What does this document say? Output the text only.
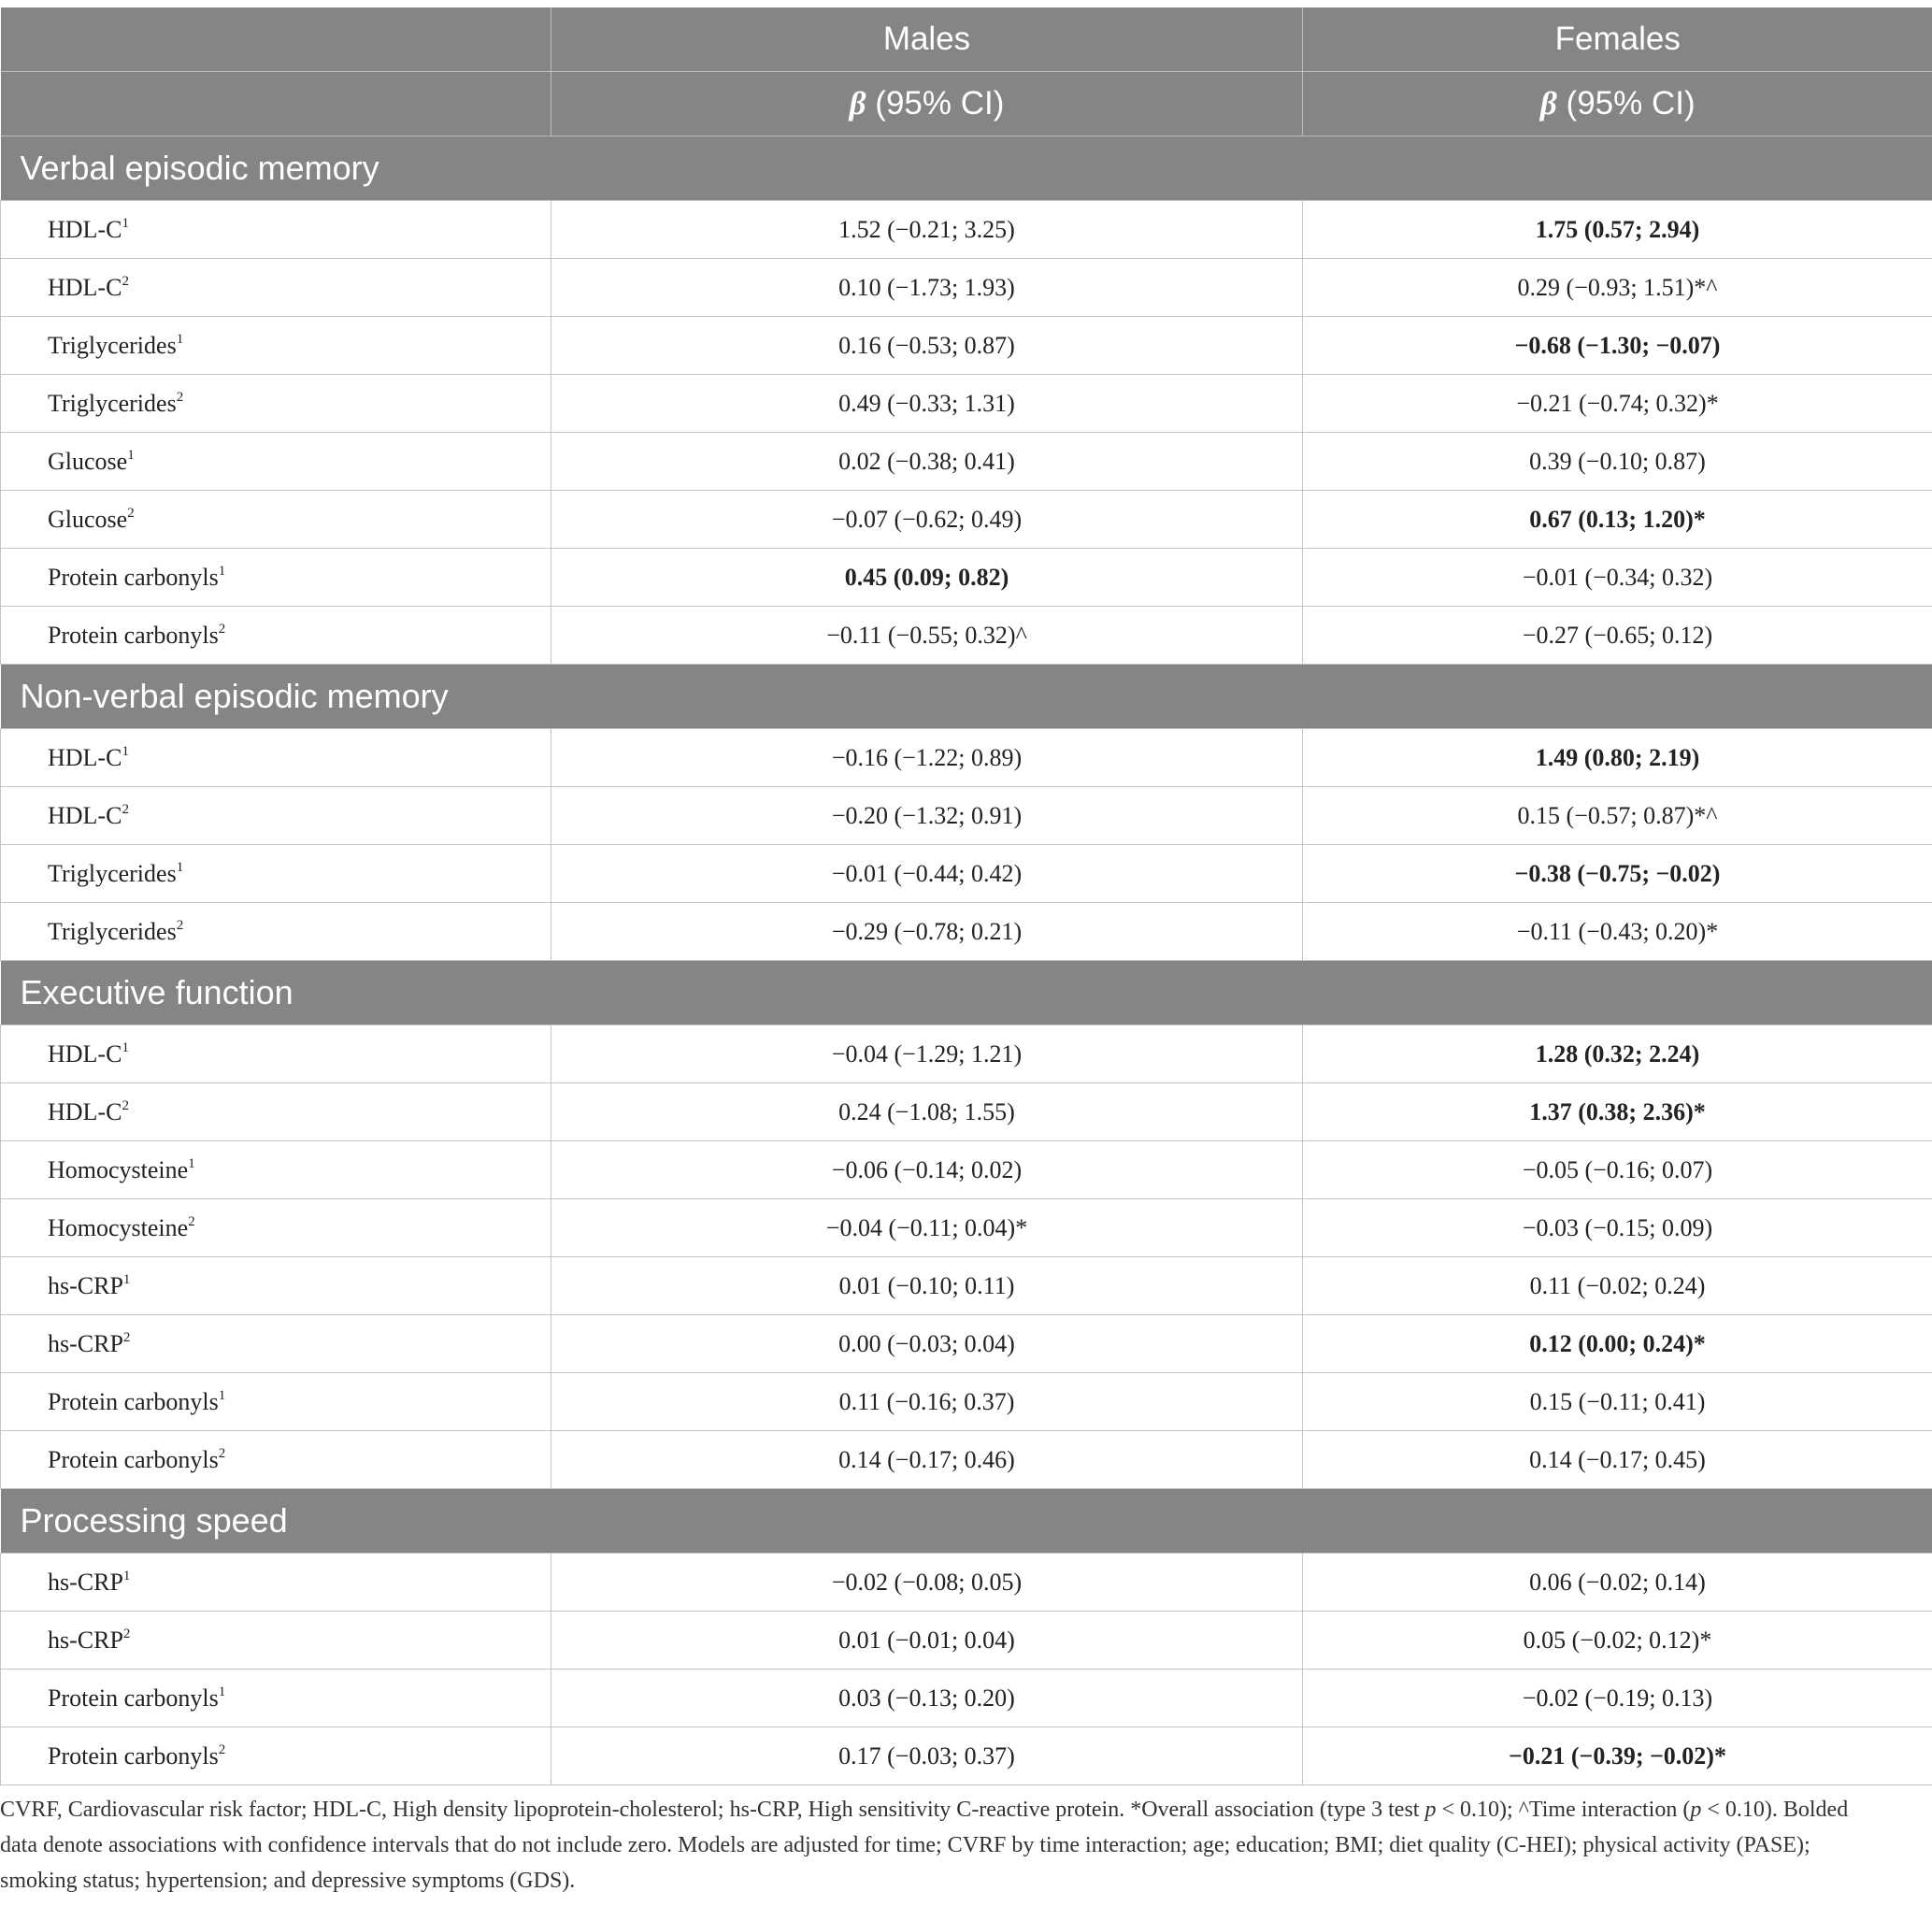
	Males	Females
	β (95% CI)	β (95% CI)
Verbal episodic memory		
HDL-$C^1$	1.52 (−0.21; 3.25)	1.75 (0.57; 2.94)
HDL-$C^2$	0.10 (−1.73; 1.93)	0.29 (−0.93; 1.51)*^
Triglycerides$^1$	0.16 (−0.53; 0.87)	−0.68 (−1.30; −0.07)
Triglycerides$^2$	0.49 (−0.33; 1.31)	−0.21 (−0.74; 0.32)*
Glucose$^1$	0.02 (−0.38; 0.41)	0.39 (−0.10; 0.87)
Glucose$^2$	−0.07 (−0.62; 0.49)	0.67 (0.13; 1.20)*
Protein carbonyls$^1$	0.45 (0.09; 0.82)	−0.01 (−0.34; 0.32)
Protein carbonyls$^2$	−0.11 (−0.55; 0.32)^	−0.27 (−0.65; 0.12)
Non-verbal episodic memory		
HDL-$C^1$	−0.16 (−1.22; 0.89)	1.49 (0.80; 2.19)
HDL-$C^2$	−0.20 (−1.32; 0.91)	0.15 (−0.57; 0.87)*^
Triglycerides$^1$	−0.01 (−0.44; 0.42)	−0.38 (−0.75; −0.02)
Triglycerides$^2$	−0.29 (−0.78; 0.21)	−0.11 (−0.43; 0.20)*
Executive function		
HDL-$C^1$	−0.04 (−1.29; 1.21)	1.28 (0.32; 2.24)
HDL-$C^2$	0.24 (−1.08; 1.55)	1.37 (0.38; 2.36)*
Homocysteine$^1$	−0.06 (−0.14; 0.02)	−0.05 (−0.16; 0.07)
Homocysteine$^2$	−0.04 (−0.11; 0.04)*	−0.03 (−0.15; 0.09)
hs-CRP$^1$	0.01 (−0.10; 0.11)	0.11 (−0.02; 0.24)
hs-CRP$^2$	0.00 (−0.03; 0.04)	0.12 (0.00; 0.24)*
Protein carbonyls$^1$	0.11 (−0.16; 0.37)	0.15 (−0.11; 0.41)
Protein carbonyls$^2$	0.14 (−0.17; 0.46)	0.14 (−0.17; 0.45)
Processing speed		
$hs-CRP^1$	−0.02 (−0.08; 0.05)	0.06 (−0.02; 0.14)
hs-CRP$^2$	0.01 (−0.01; 0.04)	0.05 (−0.02; 0.12)*
Protein carbonyls$^1$	0.03 (−0.13; 0.20)	−0.02 (−0.19; 0.13)
Protein carbonyls$^2$	0.17 (−0.03; 0.37)	−0.21 (−0.39; −0.02)*
CVRF, Cardiovascular risk factor; HDL-C, High density lipoprotein-cholesterol; hs-CRP, High sensitivity C-reactive protein. *Overall association (type 3 test p < 0.10); ^Time interaction (p < 0.10). Bolded data denote associations with confidence intervals that do not include zero. Models are adjusted for time; CVRF by time interaction; age; education; BMI; diet quality (C-HEI); physical activity (PASE); smoking status; hypertension; and depressive symptoms (GDS).
